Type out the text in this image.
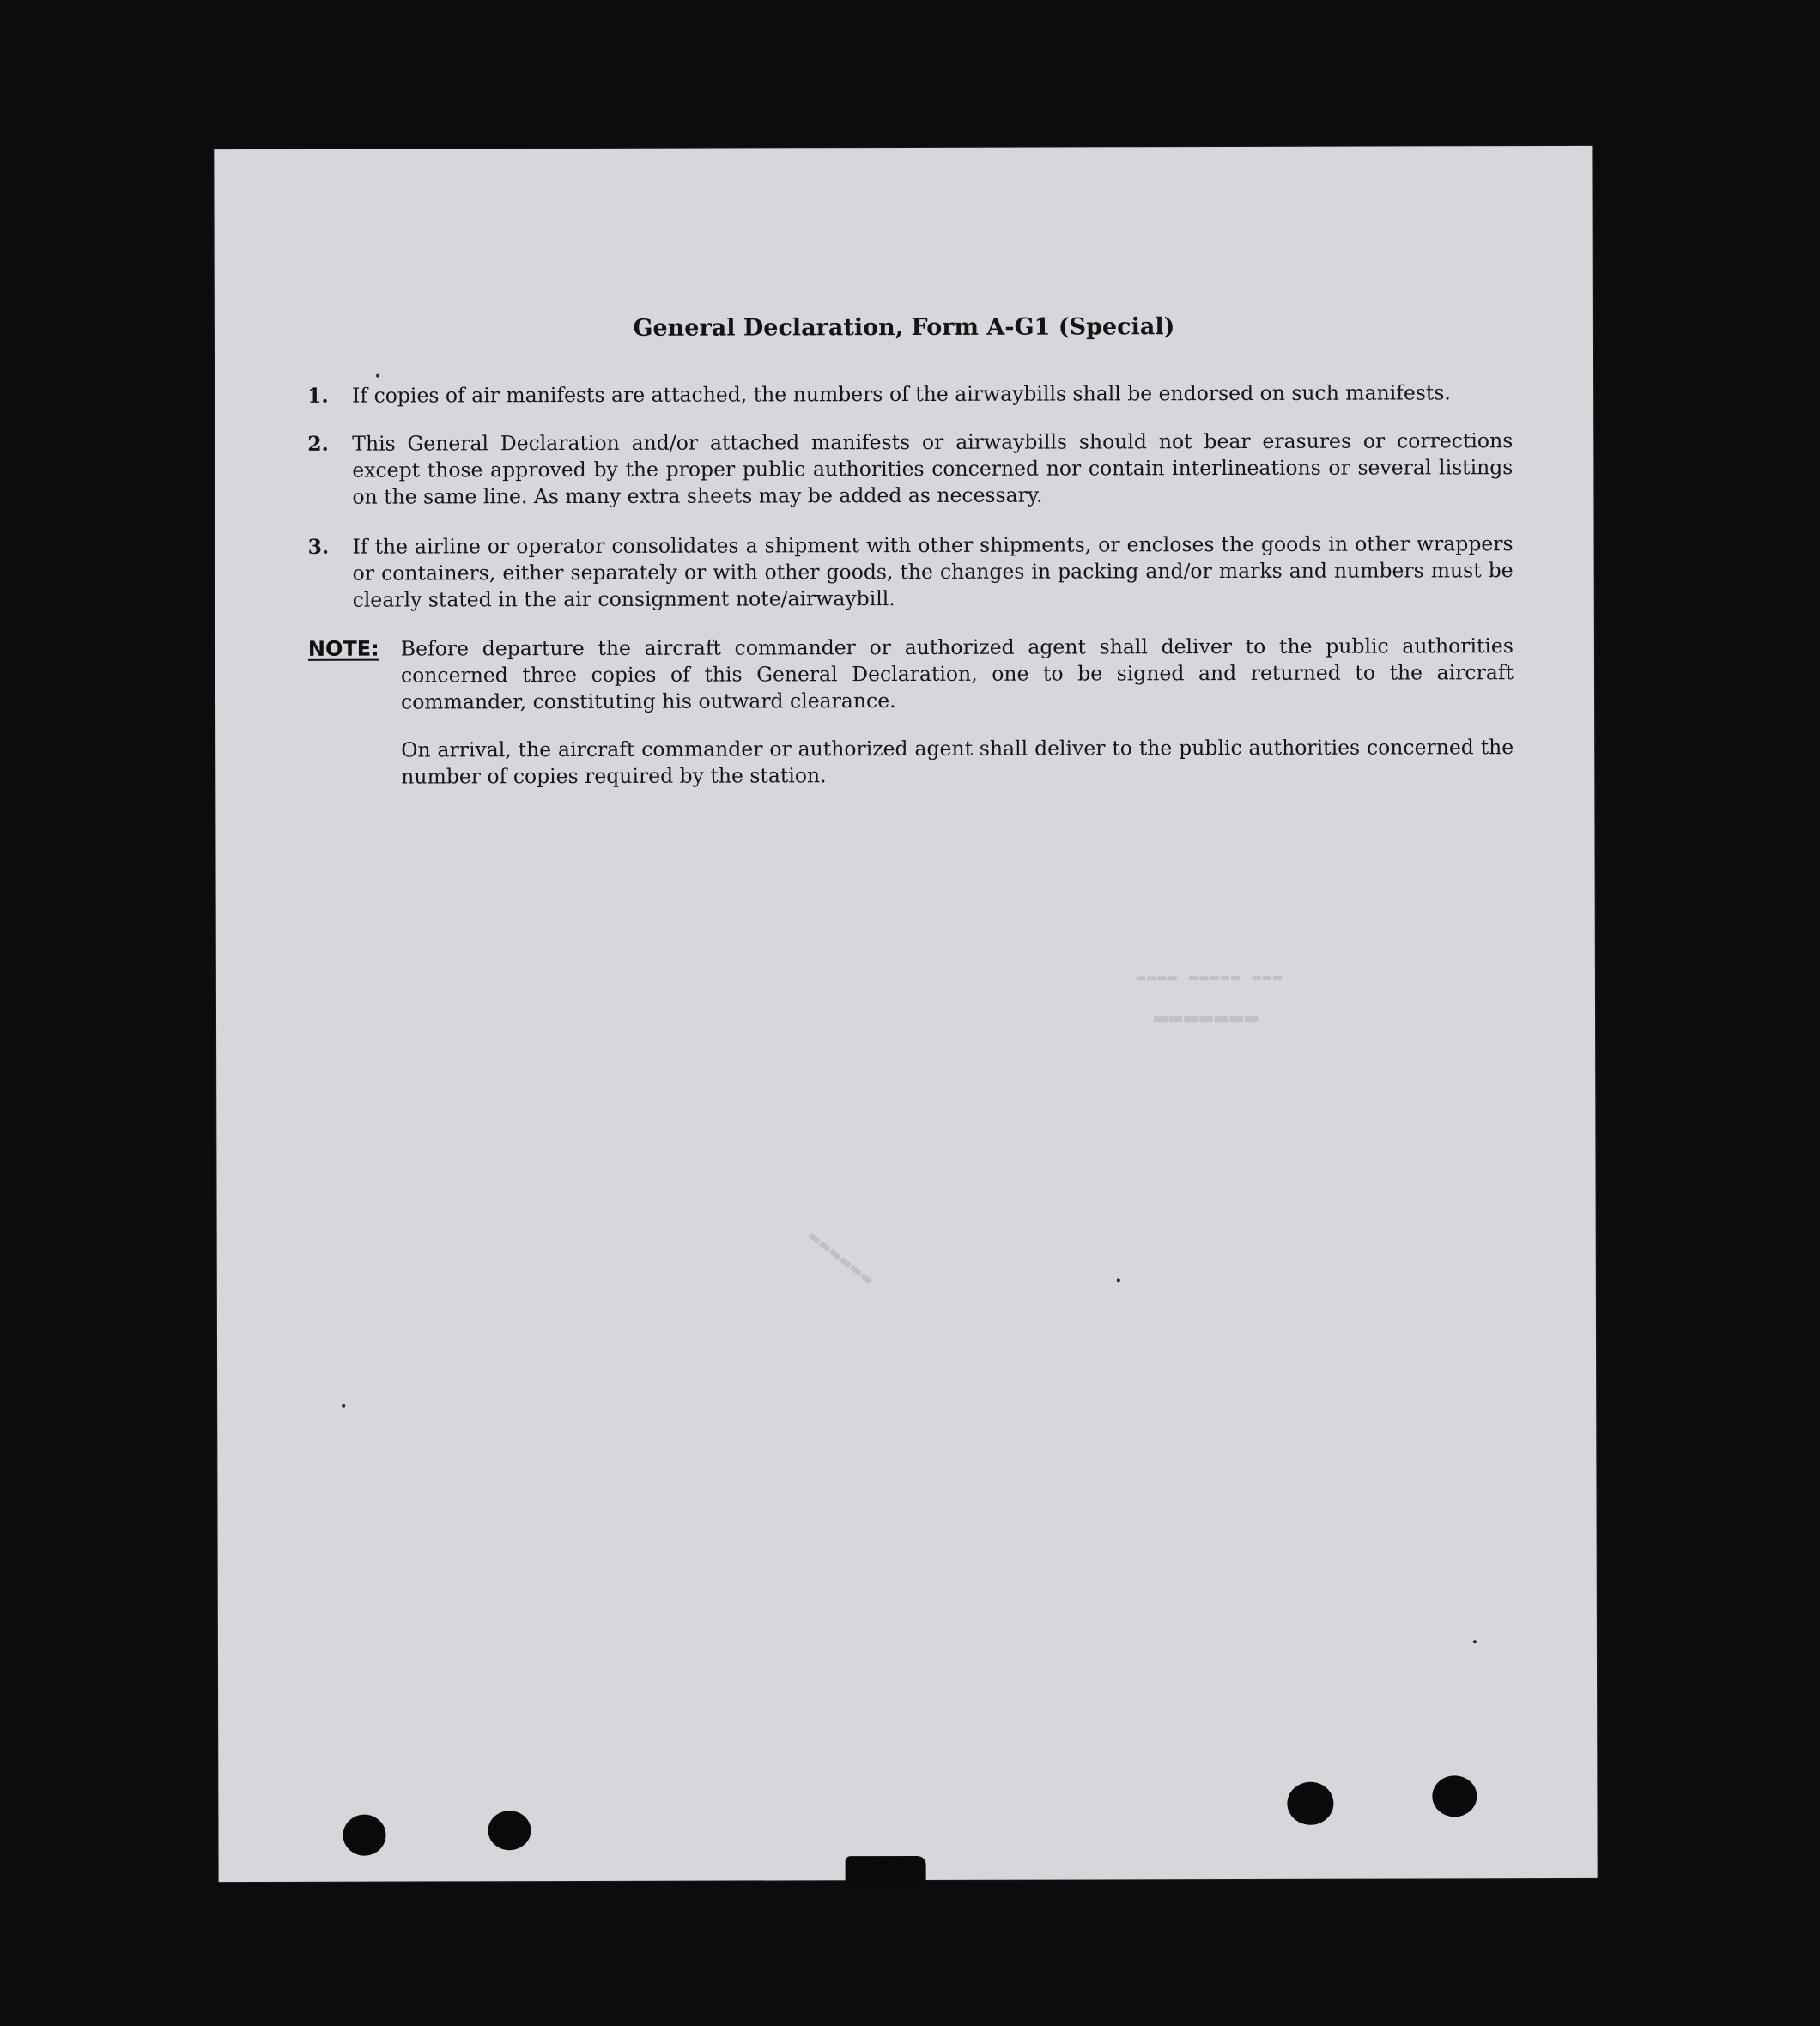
General Declaration, Form A-G1 (Special)
1. If copies of air manifests are attached, the numbers of the airwaybills shall be endorsed on such manifests.

2. This General Declaration and/or attached manifests or airwaybills should not bear erasures or corrections except those approved by the proper public authorities concerned nor contain interlineations or several listings on the same line. As many extra sheets may be added as necessary.

3. If the airline or operator consolidates a shipment with other shipments, or encloses the goods in other wrappers or containers, either separately or with other goods, the changes in packing and/or marks and numbers must be clearly stated in the air consignment note/airwaybill.

NOTE: Before departure the aircraft commander or authorized agent shall deliver to the public authorities concerned three copies of this General Declaration, one to be signed and returned to the aircraft commander, constituting his outward clearance.

On arrival, the aircraft commander or authorized agent shall deliver to the public authorities concerned the number of copies required by the station.

▬▬▬ ▬▬▬▬▬ ▬▬▬▬
▬▬▬▬▬▬▬
▬▬▬▬▬▬
